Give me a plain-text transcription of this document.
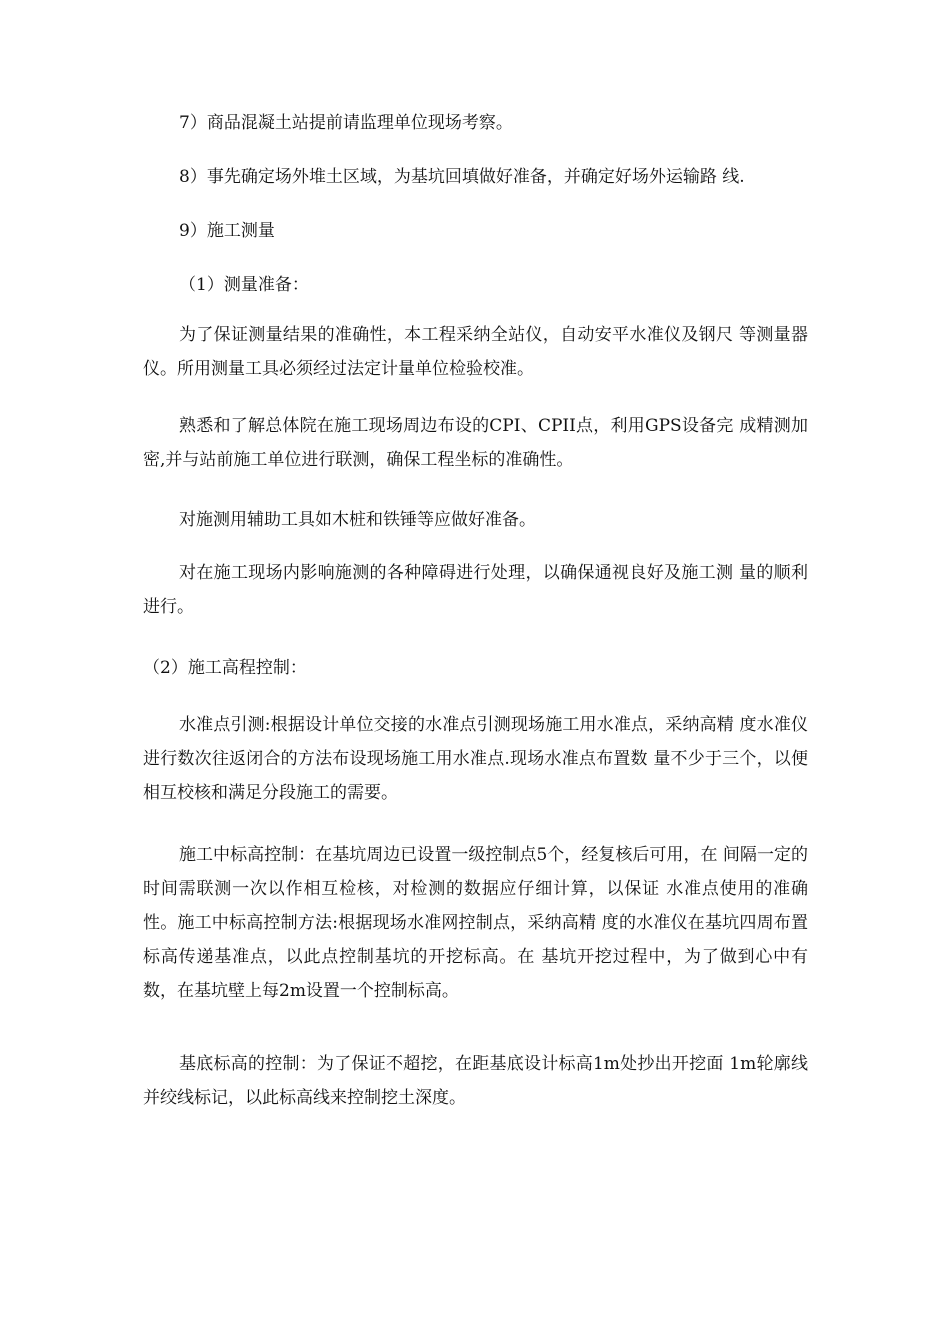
7）商品混凝土站提前请监理单位现场考察。

8）事先确定场外堆土区域，为基坑回填做好准备，并确定好场外运输路 线.

9）施工测量

（1）测量准备：

为了保证测量结果的准确性，本工程采纳全站仪，自动安平水准仪及钢尺 等测量器仪。所用测量工具必须经过法定计量单位检验校准。

熟悉和了解总体院在施工现场周边布设的CPI、CPII点，利用GPS设备完 成精测加密,并与站前施工单位进行联测，确保工程坐标的准确性。

对施测用辅助工具如木桩和铁锤等应做好准备。

对在施工现场内影响施测的各种障碍进行处理，以确保通视良好及施工测 量的顺利进行。

（2）施工高程控制：

水准点引测:根据设计单位交接的水准点引测现场施工用水准点，采纳高精 度水准仪进行数次往返闭合的方法布设现场施工用水准点.现场水准点布置数 量不少于三个，以便相互校核和满足分段施工的需要。

施工中标高控制：在基坑周边已设置一级控制点5个，经复核后可用，在 间隔一定的时间需联测一次以作相互检核，对检测的数据应仔细计算，以保证 水准点使用的准确性。施工中标高控制方法:根据现场水准网控制点，采纳高精 度的水准仪在基坑四周布置标高传递基准点，以此点控制基坑的开挖标高。在 基坑开挖过程中，为了做到心中有数，在基坑壁上每2m设置一个控制标高。

基底标高的控制：为了保证不超挖，在距基底设计标高1m处抄出开挖面 1m轮廓线并绞线标记，以此标高线来控制挖土深度。
